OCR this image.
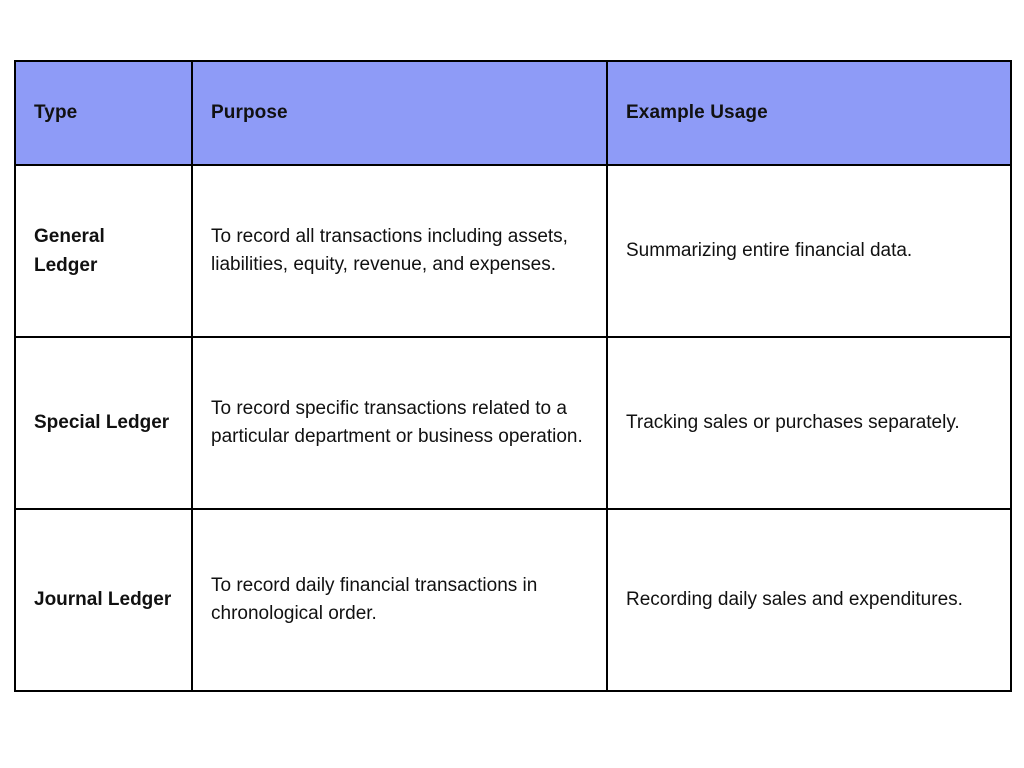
Type	Purpose	Example Usage
General Ledger	To record all transactions including assets, liabilities, equity, revenue, and expenses.	Summarizing entire financial data.
Special Ledger	To record specific transactions related to a particular department or business operation.	Tracking sales or purchases separately.
Journal Ledger	To record daily financial transactions in chronological order.	Recording daily sales and expenditures.
